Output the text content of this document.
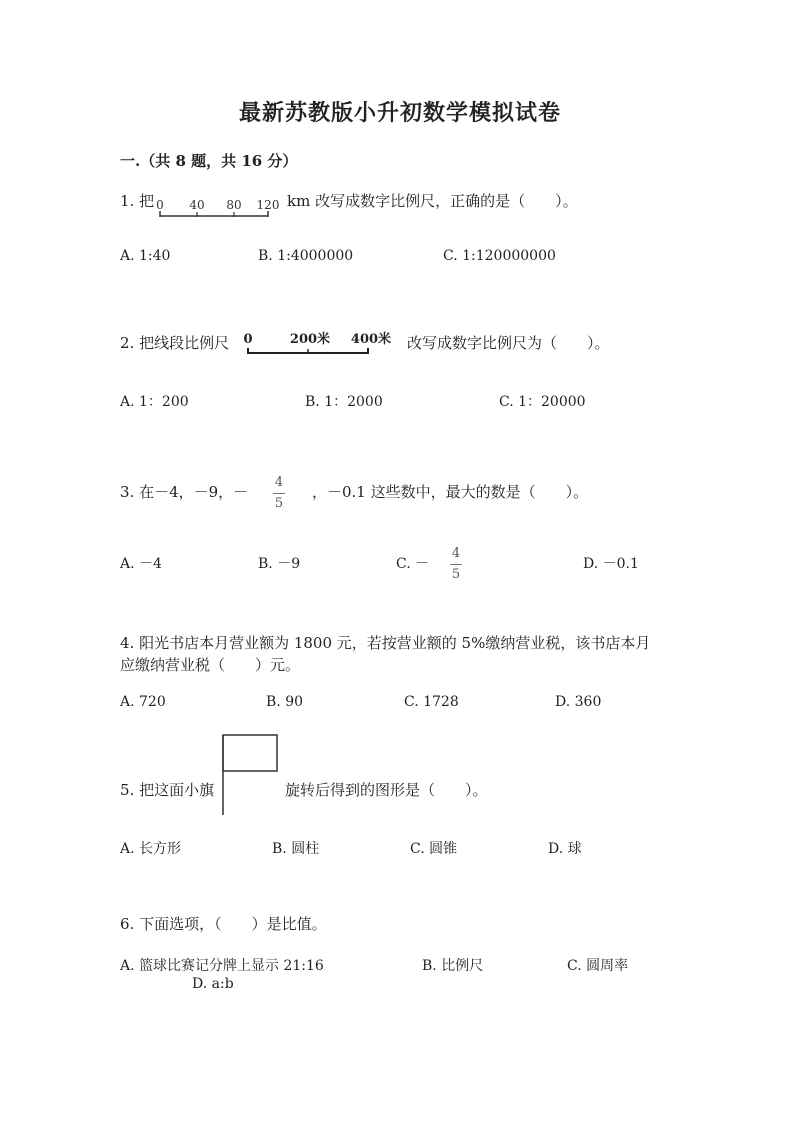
最新苏教版小升初数学模拟试卷
一.（共 8 题，共 16 分）
1. 把 0 40 80 120 km 改写成数字比例尺，正确的是（　　）。
A. 1:40	B. 1:4000000	C. 1:120000000
2. 把线段比例尺 0	200米 400米 改写成数字比例尺为（　　）。
A. 1：200	B. 1：2000	C. 1：20000
3. 在－4，－9，－
4
5
，－0.1 这些数中，最大的数是（　　）。
A. －4	B. －9	C. －
4
5
D. －0.1
4. 阳光书店本月营业额为 1800 元，若按营业额的 5%缴纳营业税，该书店本月
应缴纳营业税（　　）元。
A. 720	B. 90	C. 1728	D. 360
5. 把这面小旗	旋转后得到的图形是（　　）。
A. 长方形	B. 圆柱	C. 圆锥	D. 球
6. 下面选项，（　　）是比值。
A. 篮球比赛记分牌上显示 21:16	B. 比例尺	C. 圆周率
D. a:b
